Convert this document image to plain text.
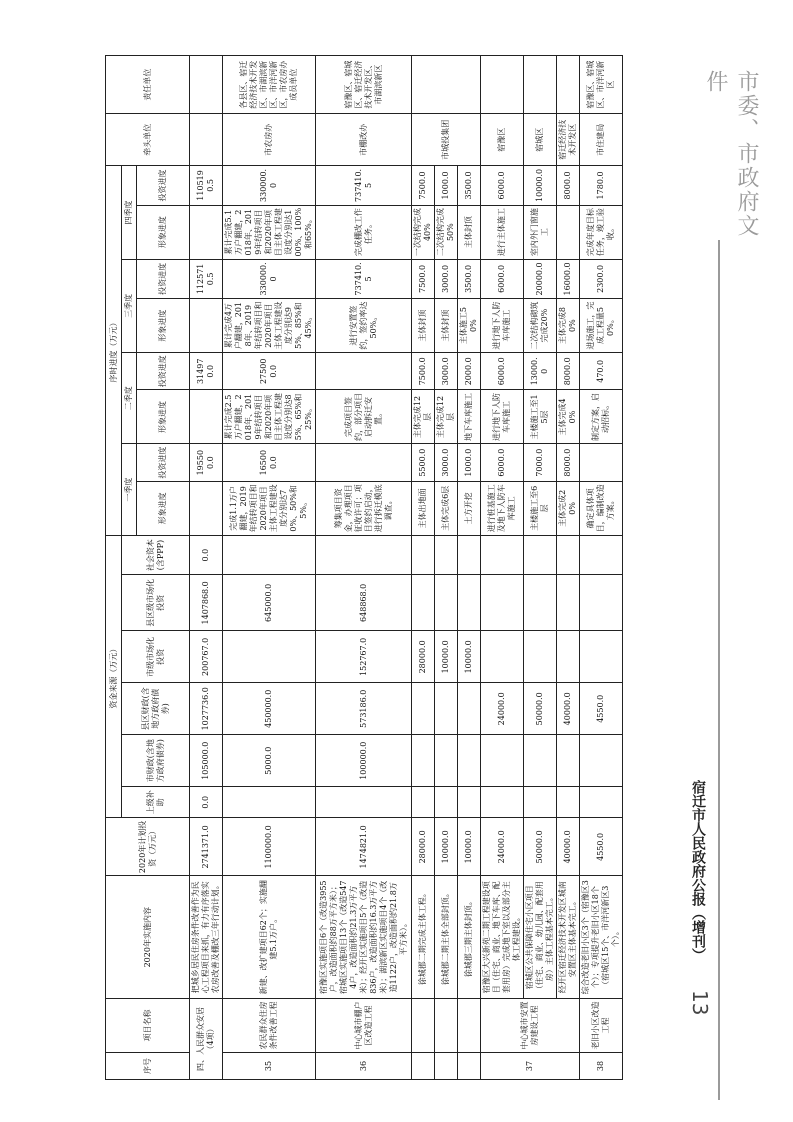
市委、市政府文件
宿迁市人民政府公报（增刊）
13
序号	项目名称	2020年实施内容	2020年计划投资（万元）	资金来源（万元）						序时进度（万元）								牵头单位	责任单位
				上级补助	市财政(含地方政府债券)	县区财政(含地方政府债券)	市级市场化投资	县区级市场化投资	社会资本(含PPP)	一季度		二季度		三季度		四季度			
										形象进度	投资进度	形象进度	投资进度	形象进度	投资进度	形象进度	投资进度		

四、人民群众安居（4项）		把城乡居民住房条件改善作为民心工程项目来抓，有力有序落实农房改善及棚改三年行动计划。	2741371.0	0.0	105000.0	1027736.0	200767.0	1407868.0	0.0		195500.0		314970.0		1125710.5		1105190.5		
35	农民群众住房条件改善工程	新建、改扩建项目62个；实施翻建5.1万户。	1100000.0		5000.0	450000.0		645000.0		完成1.1万户翻建，2019年结转项目和2020年项目主体工程建设度分别达70%、50%和5%。	165000.0	累计完成2.5万户翻建，2018年、2019年结转项目和2020年项目主体工程建设度分别达85%、65%和25%。	275000.0	累计完成4万户翻建，2018年、2019年结转项目和2020年项目主体工程建设度分别达95%、85%和45%。	330000.0	累计完成5.1万户翻建，2018年、2019年结转项目和2020年项目主体工程建设度分别达100%、100%和65%。	330000.0	市农房办	各县区、宿迁经济技术开发区、市湖滨新区、市洋河新区，市农房办成员单位
36	中心城市棚户区改造工程	宿豫区实施项目6个（改造3955户，改造面积约88万平方米）；宿城区实施项目13个（改造5474户，改造面积约21.3万平方米）；经开区实施项目5个（改造836户，改造面积约16.3万平方米）；湖滨新区实施项目4个（改造1122户，改造面积约21.8万平方米）。	1474821.0		100000.0	573186.0	152767.0	648868.0		筹集项目资金，办理项目征收许可；项目签约启动，进行拆迁模底调查。		完成项目签约，部分项目启动拆迁安置。		进行安置签约，签约率达50%。	737410.5	完成棚改工作任务。	737410.5	市棚改办	宿豫区、宿城区、宿迁经济技术开发区、市湖滨新区
		徐城郡二期完成主体工程。	28000.0				28000.0			主体出地面	5500.0	主体完成12层	7500.0	主体封顶	7500.0	一次结构完成40%	7500.0	市城投集团	
		徐城郡二期主体全部封顶。	10000.0				10000.0			主体完成6层	3000.0	主体完成12层	3000.0	主体封顶	3000.0	二次结构完成50%	1000.0		
		徐城郡三期主体封顶。	10000.0				10000.0			土方开挖	1000.0	地下车库施工	2000.0	主体施工50%	3500.0	主体封顶	3500.0		
37	中心城市安置房建设工程	宿豫区大兴新苑二期工程建设项目（住宅、商业、地下车库、配套用房）完成地下室以及部分主体工程建设。	24000.0			24000.0				进行桩基施工及地下人防车库施工	6000.0	进行地下人防车库施工	6000.0	进行地下人防车库施工	6000.0	进行主体施工	6000.0	宿豫区	
		宿城区公共保障住宅小区项目（住宅、商业、幼儿园、配套用房）主体工程基本完工。	50000.0			50000.0				主楼施工至6层	7000.0	主楼施工至15层	13000.0	二次结构砌筑完成20%	20000.0	室内外门窗施工	10000.0	宿城区	
		经开区宿迁经济技术开发区城南安置区主体基本完工。	40000.0			40000.0				主体完成20%	8000.0	主体完成40%	8000.0	主体完成80%	16000.0		8000.0	宿迁经济技术开发区	
38	老旧小区改造工程	综合改造老旧小区3个（宿豫区3个）；专项提升老旧小区18个（宿城区15个、市洋河新区3个）。	4550.0			4550.0				确定具体项目，编制改造方案。		制定方案，启动招标。	470.0	进场施工，完成工程量50%。	2300.0	完成年度目标任务，竣工验收。	1780.0	市住建局	宿豫区、宿城区、市洋河新区
